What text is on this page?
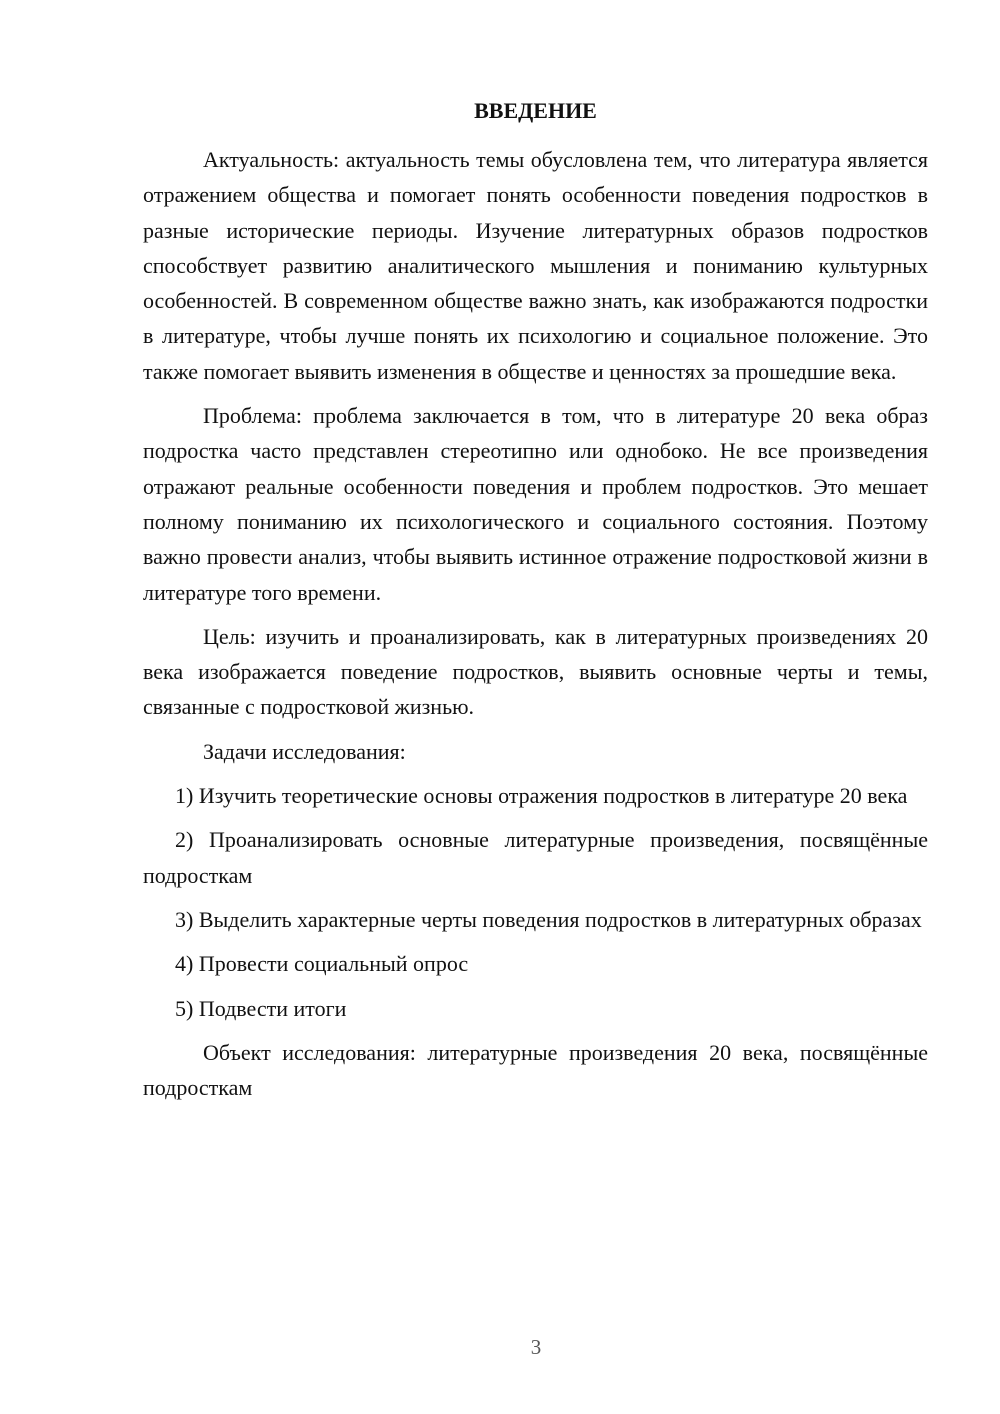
ВВЕДЕНИЕ

Актуальность: актуальность темы обусловлена тем, что литература является отражением общества и помогает понять особенности поведения подростков в разные исторические периоды. Изучение литературных образов подростков способствует развитию аналитического мышления и пониманию культурных особенностей. В современном обществе важно знать, как изображаются подростки в литературе, чтобы лучше понять их психологию и социальное положение. Это также помогает выявить изменения в обществе и ценностях за прошедшие века.

Проблема: проблема заключается в том, что в литературе 20 века образ подростка часто представлен стереотипно или однобоко. Не все произведения отражают реальные особенности поведения и проблем подростков. Это мешает полному пониманию их психологического и социального состояния. Поэтому важно провести анализ, чтобы выявить истинное отражение подростковой жизни в литературе того времени.

Цель: изучить и проанализировать, как в литературных произведениях 20 века изображается поведение подростков, выявить основные черты и темы, связанные с подростковой жизнью.

Задачи исследования:

1) Изучить теоретические основы отражения подростков в литературе 20 века

2) Проанализировать основные литературные произведения, посвящённые подросткам

3) Выделить характерные черты поведения подростков в литературных образах

4) Провести социальный опрос

5) Подвести итоги

Объект исследования: литературные произведения 20 века, посвящённые подросткам

3
